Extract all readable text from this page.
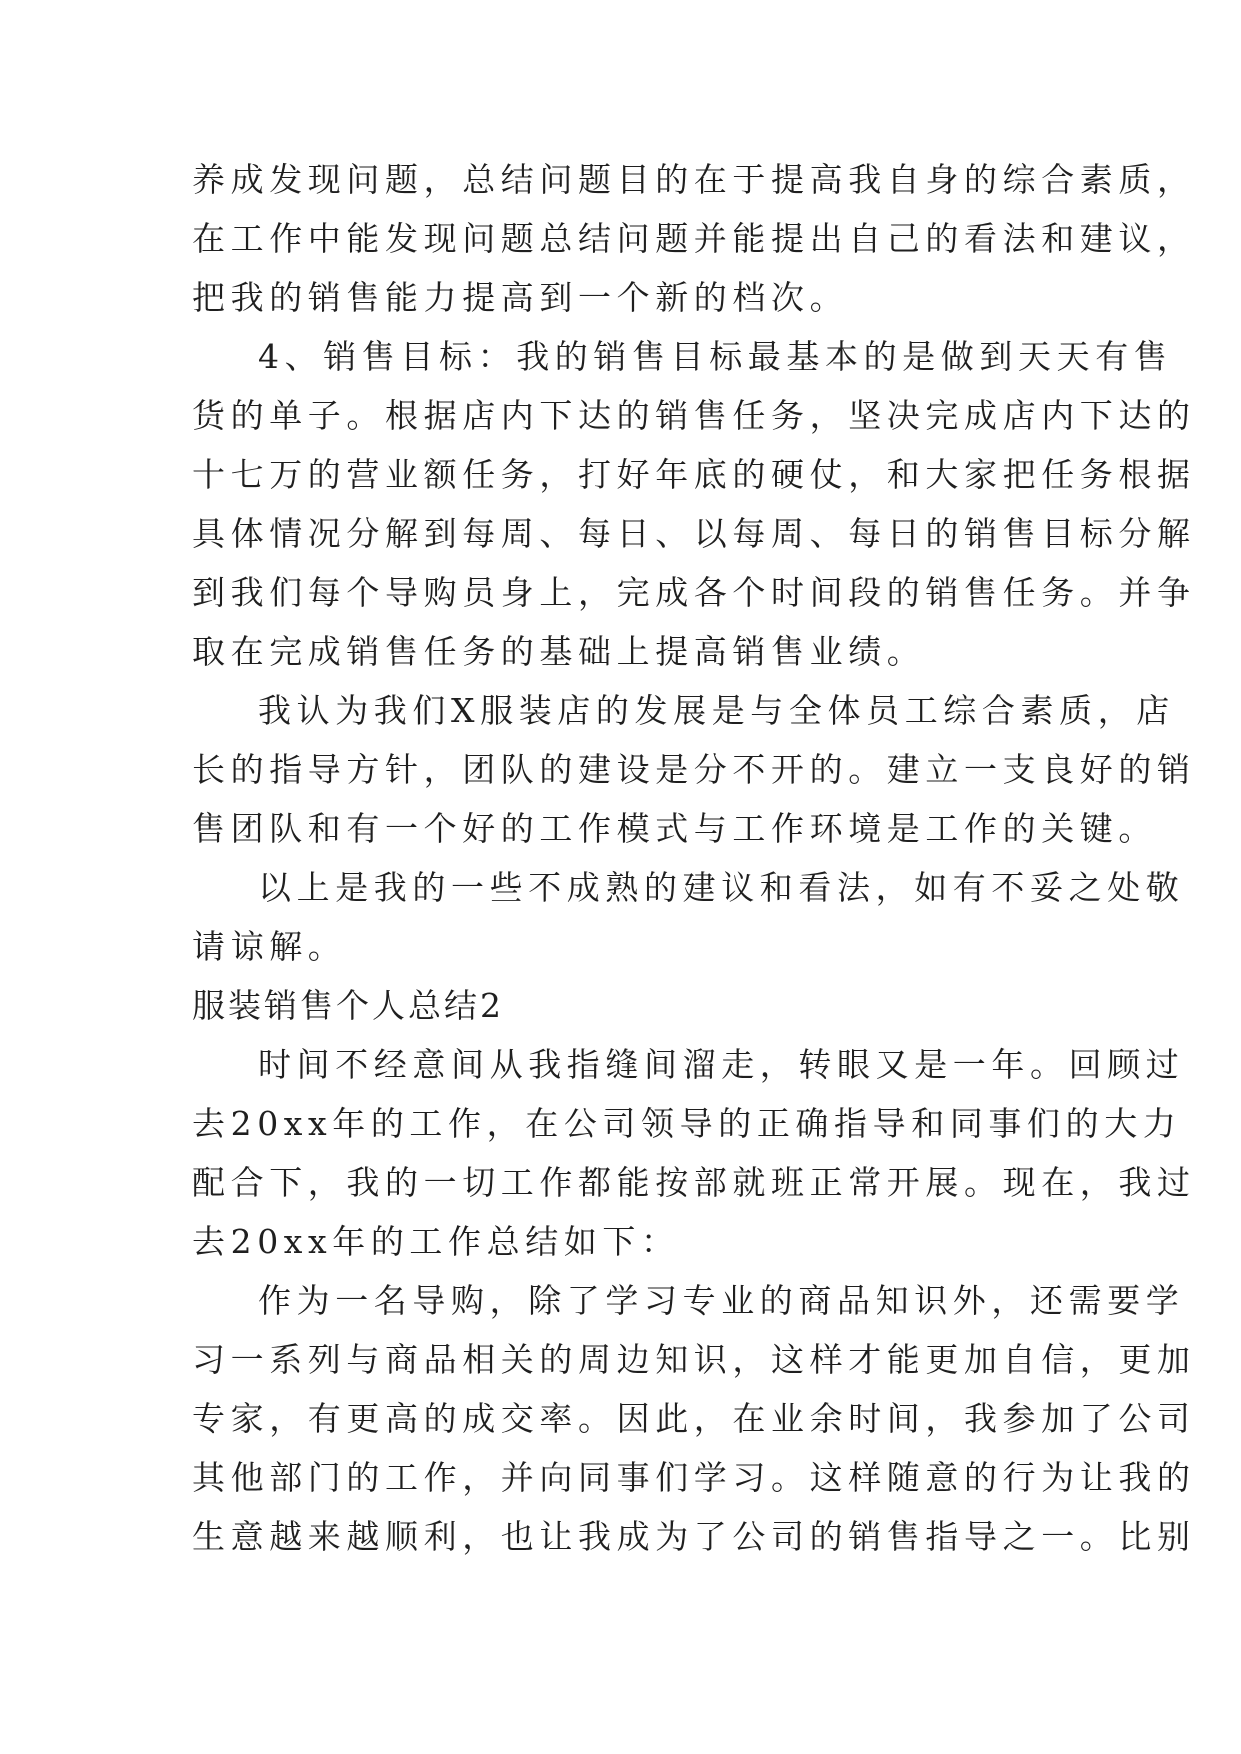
养成发现问题，总结问题目的在于提高我自身的综合素质，
在工作中能发现问题总结问题并能提出自己的看法和建议，
把我的销售能力提高到一个新的档次。
4、销售目标：我的销售目标最基本的是做到天天有售
货的单子。根据店内下达的销售任务，坚决完成店内下达的
十七万的营业额任务，打好年底的硬仗，和大家把任务根据
具体情况分解到每周、每日、以每周、每日的销售目标分解
到我们每个导购员身上，完成各个时间段的销售任务。并争
取在完成销售任务的基础上提高销售业绩。
我认为我们X服装店的发展是与全体员工综合素质，店
长的指导方针，团队的建设是分不开的。建立一支良好的销
售团队和有一个好的工作模式与工作环境是工作的关键。
以上是我的一些不成熟的建议和看法，如有不妥之处敬
请谅解。
服装销售个人总结2
时间不经意间从我指缝间溜走，转眼又是一年。回顾过
去20xx年的工作，在公司领导的正确指导和同事们的大力
配合下，我的一切工作都能按部就班正常开展。现在，我过
去20xx年的工作总结如下：
作为一名导购，除了学习专业的商品知识外，还需要学
习一系列与商品相关的周边知识，这样才能更加自信，更加
专家，有更高的成交率。因此，在业余时间，我参加了公司
其他部门的工作，并向同事们学习。这样随意的行为让我的
生意越来越顺利，也让我成为了公司的销售指导之一。比别
